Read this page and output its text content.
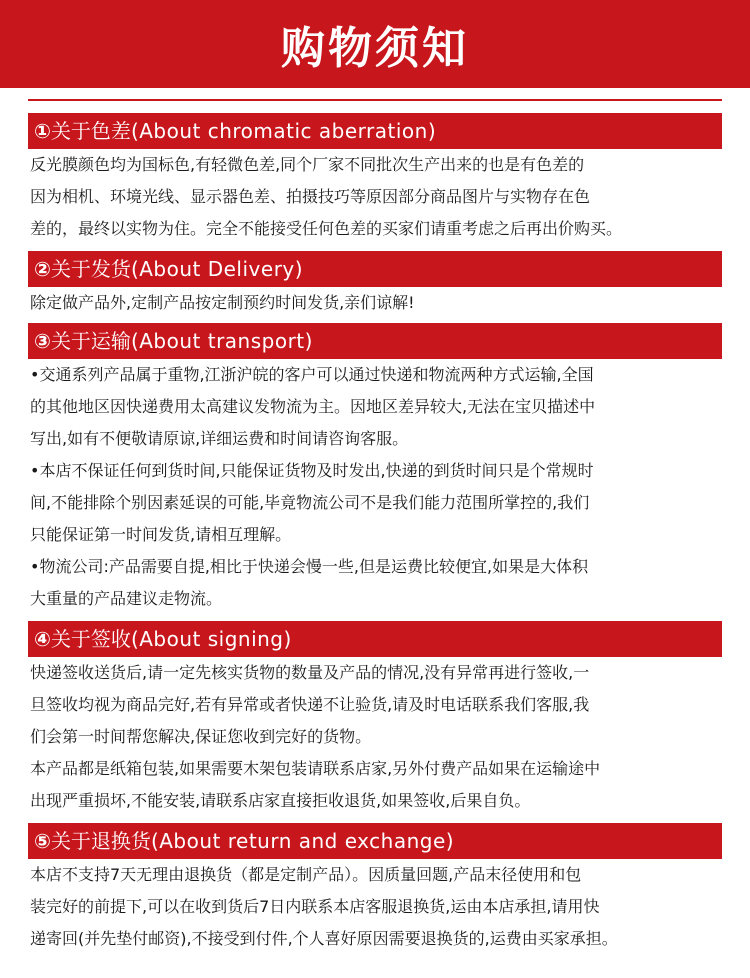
购物须知
①关于色差(About chromatic aberration)
反光膜颜色均为国标色,有轻微色差,同个厂家不同批次生产出来的也是有色差的
因为相机、环境光线、显示器色差、拍摄技巧等原因部分商品图片与实物存在色
差的，最终以实物为住。完全不能接受任何色差的买家们请重考虑之后再出价购买。
②关于发货(About Delivery)
除定做产品外,定制产品按定制预约时间发货,亲们谅解!
③关于运输(About transport)
• 交通系列产品属于重物,江浙沪皖的客户可以通过快递和物流两种方式运输,全国
的其他地区因快递费用太高建议发物流为主。因地区差异较大,无法在宝贝描述中
写出,如有不便敬请原谅,详细运费和时间请咨询客服。
• 本店不保证任何到货时间,只能保证货物及时发出,快递的到货时间只是个常规时
间,不能排除个别因素延误的可能,毕竟物流公司不是我们能力范围所掌控的,我们
只能保证第一时间发货,请相互理解。
• 物流公司:产品需要自提,相比于快递会慢一些,但是运费比较便宜,如果是大体积
大重量的产品建议走物流。
④关于签收(About signing)
快递签收送货后,请一定先核实货物的数量及产品的情况,没有异常再进行签收,一
旦签收均视为商品完好,若有异常或者快递不让验货,请及时电话联系我们客服,我
们会第一时间帮您解决,保证您收到完好的货物。
本产品都是纸箱包装,如果需要木架包装请联系店家,另外付费产品如果在运输途中
出现严重损坏,不能安装,请联系店家直接拒收退货,如果签收,后果自负。
⑤关于退换货(About return and exchange)
本店不支持7天无理由退换货（都是定制产品）。因质量回题,产品末径使用和包
装完好的前提下,可以在收到货后7日内联系本店客服退换货,运由本店承担,请用快
递寄回(并先垫付邮资),不接受到付件,个人喜好原因需要退换货的,运费由买家承担。
